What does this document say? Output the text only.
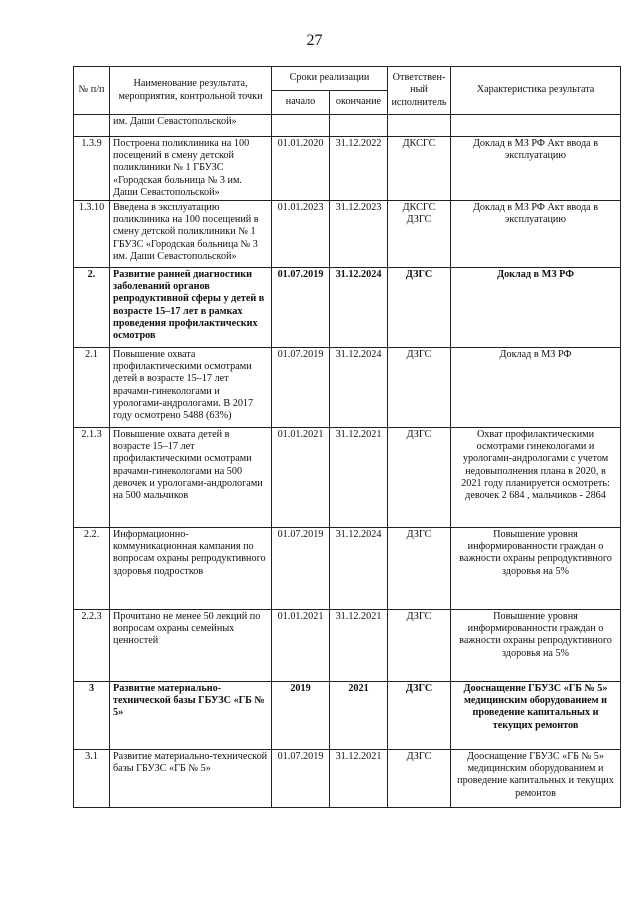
27
№ п/п	Наименование результата, мероприятия, контрольной точки	Сроки реализации		Ответствен-ный исполнитель	Характеристика результата
		начало	окончание		
	им. Даши Севастопольской»				
1.3.9	Построена поликлиника на 100 посещений в смену детской поликлиники № 1 ГБУЗС «Городская больница № 3 им. Даши Севастопольской»	01.01.2020	31.12.2022	ДКСГС	Доклад в МЗ РФ Акт ввода в эксплуатацию
1.3.10	Введена в эксплуатацию поликлиника на 100 посещений в смену детской поликлиники № 1 ГБУЗС «Городская больница № 3 им. Даши Севастопольской»	01.01.2023	31.12.2023	ДКСГС ДЗГС	Доклад в МЗ РФ Акт ввода в эксплуатацию
2.	Развитие ранней диагностики заболеваний органов репродуктивной сферы у детей в возрасте 15–17 лет в рамках проведения профилактических осмотров	01.07.2019	31.12.2024	ДЗГС	Доклад в МЗ РФ
2.1	Повышение охвата профилактическими осмотрами детей в возрасте 15–17 лет врачами-гинекологами и урологами-андрологами. В 2017 году осмотрено 5488 (63%)	01.07.2019	31.12.2024	ДЗГС	Доклад в МЗ РФ
2.1.3	Повышение охвата детей в возрасте 15–17 лет профилактическими осмотрами врачами-гинекологами на 500 девочек и урологами-андрологами на 500 мальчиков	01.01.2021	31.12.2021	ДЗГС	Охват профилактическими осмотрами гинекологами и урологами-андрологами с учетом недовыполнения плана в 2020, в 2021 году планируется осмотреть: девочек 2 684 , мальчиков - 2864
2.2.	Информационно-коммуникационная кампания по вопросам охраны репродуктивного здоровья подростков	01.07.2019	31.12.2024	ДЗГС	Повышение уровня информированности граждан о важности охраны репродуктивного здоровья на 5%
2.2.3	Прочитано не менее 50 лекций по вопросам охраны семейных ценностей	01.01.2021	31.12.2021	ДЗГС	Повышение уровня информированности граждан о важности охраны репродуктивного здоровья на 5%
3	Развитие материально-технической базы ГБУЗС «ГБ № 5»	2019	2021	ДЗГС	Дооснащение ГБУЗС «ГБ № 5» медицинским оборудованием и проведение капитальных и текущих ремонтов
3.1	Развитие материально-технической базы ГБУЗС «ГБ № 5»	01.07.2019	31.12.2021	ДЗГС	Дооснащение ГБУЗС «ГБ № 5» медицинским оборудованием и проведение капитальных и текущих ремонтов
